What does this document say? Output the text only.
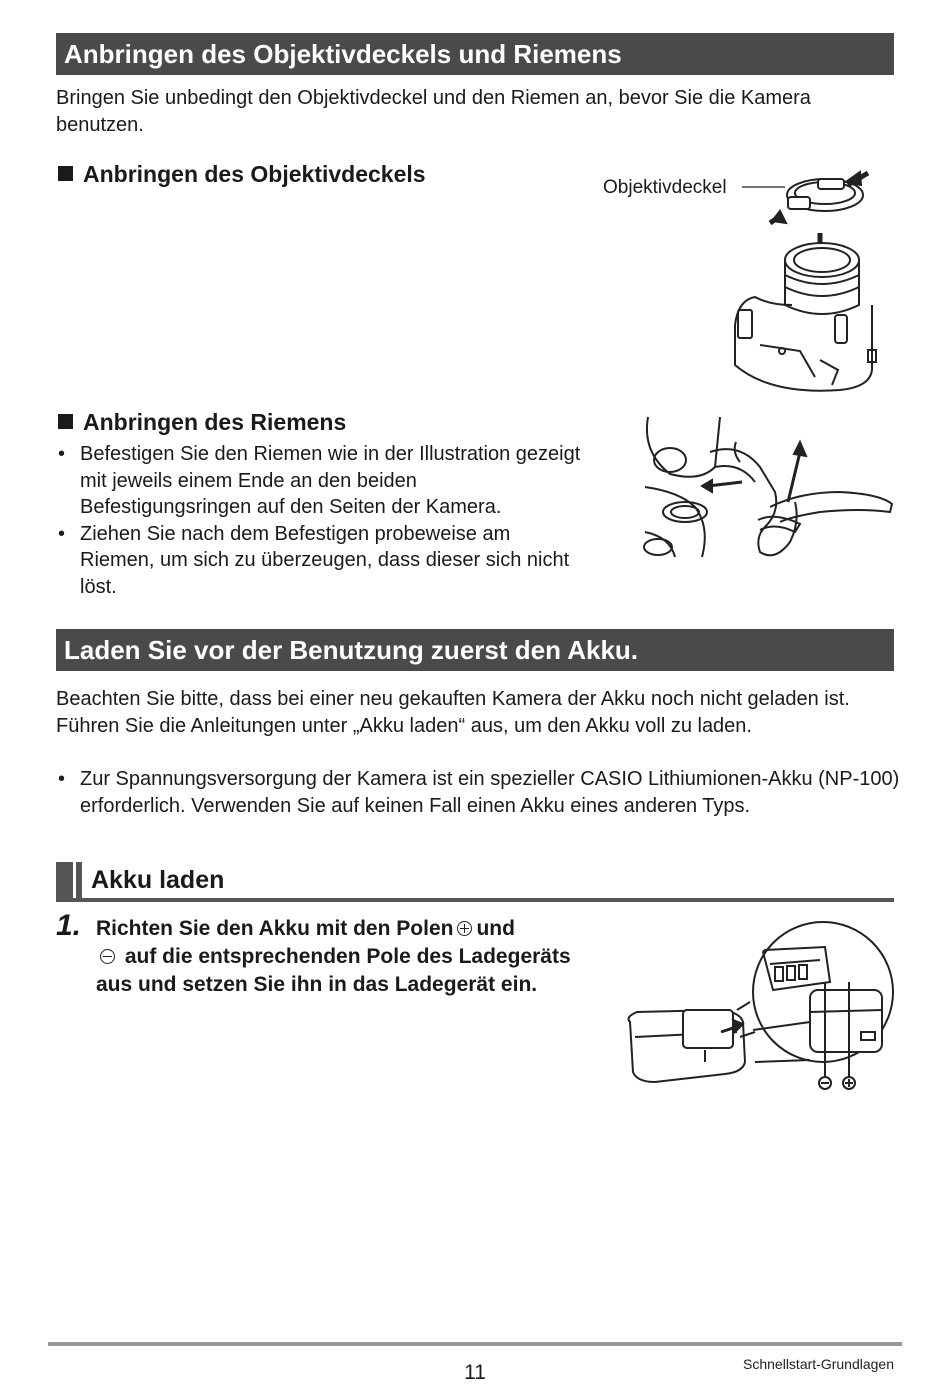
Anbringen des Objektivdeckels und Riemens

Bringen Sie unbedingt den Objektivdeckel und den Riemen an, bevor Sie die Kamera benutzen.

Anbringen des Objektivdeckels

Objektivdeckel

Anbringen des Riemens

• Befestigen Sie den Riemen wie in der Illustration gezeigt mit jeweils einem Ende an den beiden Befestigungsringen auf den Seiten der Kamera.
• Ziehen Sie nach dem Befestigen probeweise am Riemen, um sich zu überzeugen, dass dieser sich nicht löst.
Laden Sie vor der Benutzung zuerst den Akku.

Beachten Sie bitte, dass bei einer neu gekauften Kamera der Akku noch nicht geladen ist. Führen Sie die Anleitungen unter „Akku laden“ aus, um den Akku voll zu laden.

• Zur Spannungsversorgung der Kamera ist ein spezieller CASIO Lithiumionen-Akku (NP-100) erforderlich. Verwenden Sie auf keinen Fall einen Akku eines anderen Typs.
Akku laden
1. Richten Sie den Akku mit den Polen und
auf die entsprechenden Pole des Ladegeräts aus und setzen Sie ihn in das Ladegerät ein.

11	Schnellstart-Grundlagen
